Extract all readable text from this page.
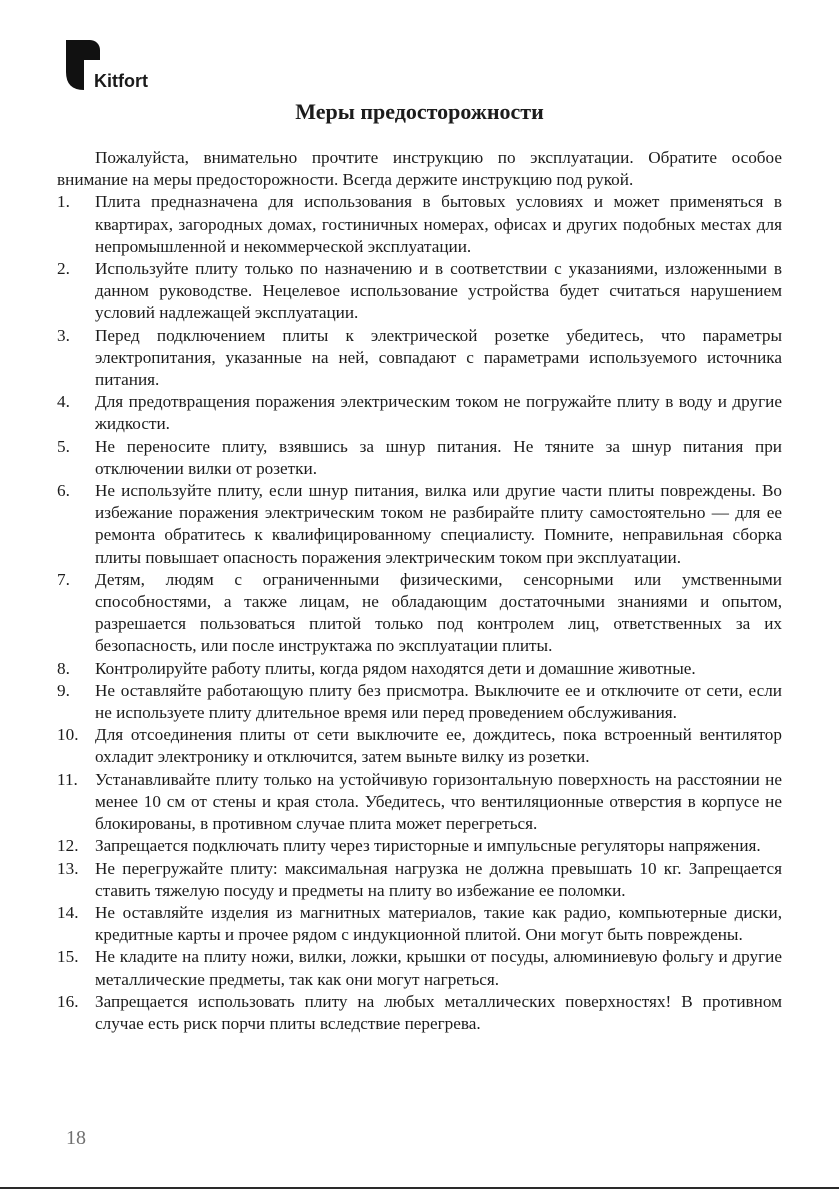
Kitfort
Меры предосторожности

Пожалуйста, внимательно прочтите инструкцию по эксплуатации. Обратите особое внимание на меры предосторожности. Всегда держите инструкцию под рукой.

1.	Плита предназначена для использования в бытовых условиях и может применяться в квартирах, загородных домах, гостиничных номерах, офисах и других подобных местах для непромышленной и некоммерческой эксплуатации.
2.	Используйте плиту только по назначению и в соответствии с указаниями, изложенными в данном руководстве. Нецелевое использование устройства будет считаться нарушением условий надлежащей эксплуатации.
3.	Перед подключением плиты к электрической розетке убедитесь, что параметры электропитания, указанные на ней, совпадают с параметрами используемого источника питания.
4.	Для предотвращения поражения электрическим током не погружайте плиту в воду и другие жидкости.
5.	Не переносите плиту, взявшись за шнур питания. Не тяните за шнур питания при отключении вилки от розетки.
6.	Не используйте плиту, если шнур питания, вилка или другие части плиты повреждены. Во избежание поражения электрическим током не разбирайте плиту самостоятельно — для ее ремонта обратитесь к квалифицированному специалисту. Помните, неправильная сборка плиты повышает опасность поражения электрическим током при эксплуатации.
7.	Детям, людям с ограниченными физическими, сенсорными или умственными способностями, а также лицам, не обладающим достаточными знаниями и опытом, разрешается пользоваться плитой только под контролем лиц, ответственных за их безопасность, или после инструктажа по эксплуатации плиты.
8.	Контролируйте работу плиты, когда рядом находятся дети и домашние животные.
9.	Не оставляйте работающую плиту без присмотра. Выключите ее и отключите от сети, если не используете плиту длительное время или перед проведением обслуживания.
10. Для отсоединения плиты от сети выключите ее, дождитесь, пока встроенный вентилятор охладит электронику и отключится, затем выньте вилку из розетки.
11. Устанавливайте плиту только на устойчивую горизонтальную поверхность на расстоянии не менее 10 см от стены и края стола. Убедитесь, что вентиляционные отверстия в корпусе не блокированы, в противном случае плита может перегреться.
12. Запрещается подключать плиту через тиристорные и импульсные регуляторы напряжения.
13. Не перегружайте плиту: максимальная нагрузка не должна превышать 10 кг. Запрещается ставить тяжелую посуду и предметы на плиту во избежание ее поломки.
14. Не оставляйте изделия из магнитных материалов, такие как радио, компьютерные диски, кредитные карты и прочее рядом с индукционной плитой. Они могут быть повреждены.
15. Не кладите на плиту ножи, вилки, ложки, крышки от посуды, алюминиевую фольгу и другие металлические предметы, так как они могут нагреться.
16. Запрещается использовать плиту на любых металлических поверхностях! В противном случае есть риск порчи плиты вследствие перегрева.
18
